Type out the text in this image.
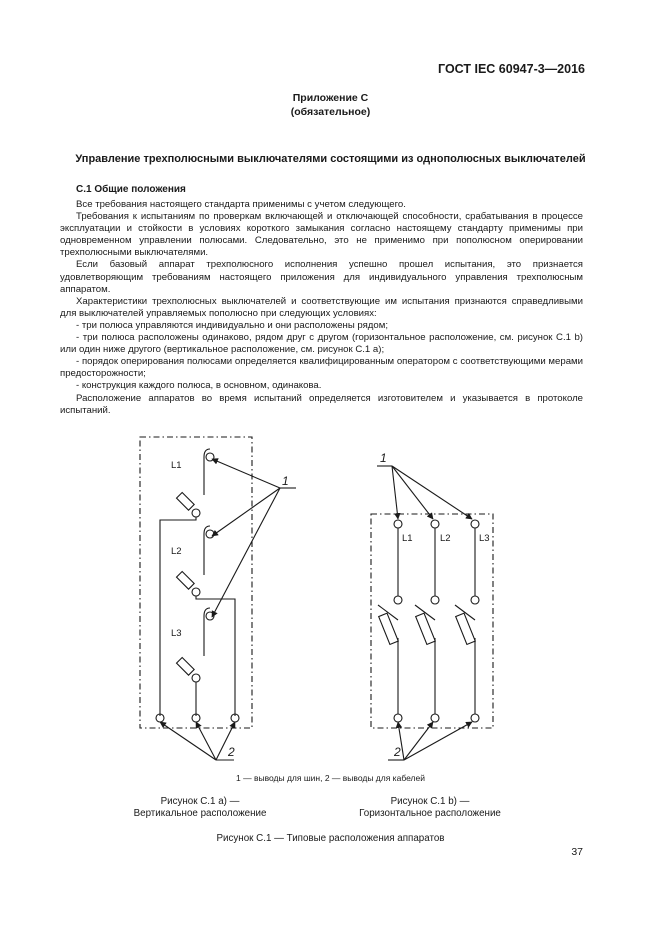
ГОСТ IEC 60947-3—2016
Приложение С
(обязательное)
Управление трехполюсными выключателями состоящими из однополюсных выключателей
С.1 Общие положения

Все требования настоящего стандарта применимы с учетом следующего.

Требования к испытаниям по проверкам включающей и отключающей способности, срабатывания в процессе эксплуатации и стойкости в условиях короткого замыкания согласно настоящему стандарту применимы при одновременном управлении полюсами. Следовательно, это не применимо при пополюсном оперировании трехполюсными выключателями.

Если базовый аппарат трехполюсного исполнения успешно прошел испытания, это признается удовлетворяющим требованиям настоящего приложения для индивидуального управления трехполюсным аппаратом.

Характеристики трехполюсных выключателей и соответствующие им испытания признаются справедливыми для выключателей управляемых пополюсно при следующих условиях:

- три полюса управляются индивидуально и они расположены рядом;

- три полюса расположены одинаково, рядом друг с другом (горизонтальное расположение, см. рисунок С.1 b) или один ниже другого (вертикальное расположение, см. рисунок С.1 а);

- порядок оперирования полюсами определяется квалифицированным оператором с соответствующими мерами предосторожности;

- конструкция каждого полюса, в основном, одинакова.

Расположение аппаратов во время испытаний определяется изготовителем и указывается в протоколе испытаний.

L1
L2
L3
L1	L2	L3
1
2
1
2
1 — выводы для шин, 2 — выводы для кабелей
Рисунок С.1 а) —
Вертикальное расположение
Рисунок С.1 b) —
Горизонтальное расположение
Рисунок С.1 — Типовые расположения аппаратов
37
